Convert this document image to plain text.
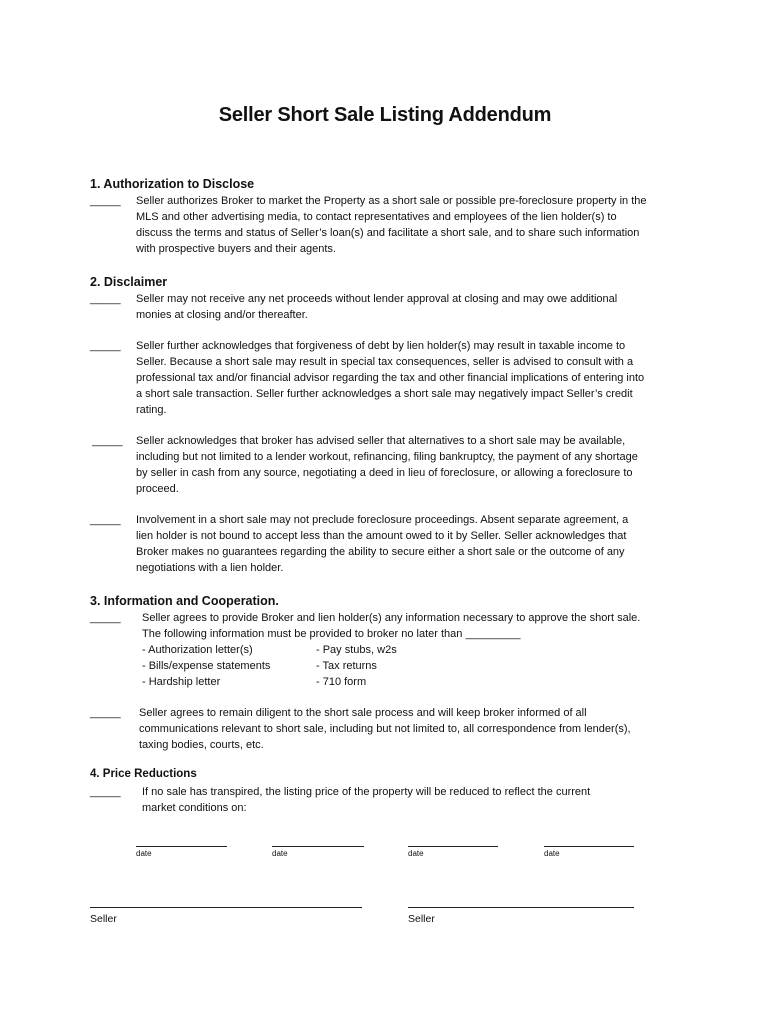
Seller Short Sale Listing Addendum
1. Authorization to Disclose
_____ Seller authorizes Broker to market the Property as a short sale or possible pre-foreclosure property in the
MLS and other advertising media, to contact representatives and employees of the lien holder(s) to
discuss the terms and status of Seller’s loan(s) and facilitate a short sale, and to share such information
with prospective buyers and their agents.
2. Disclaimer
_____ Seller may not receive any net proceeds without lender approval at closing and may owe additional
monies at closing and/or thereafter.
_____ Seller further acknowledges that forgiveness of debt by lien holder(s) may result in taxable income to
Seller. Because a short sale may result in special tax consequences, seller is advised to consult with a
professional tax and/or financial advisor regarding the tax and other financial implications of entering into
a short sale transaction. Seller further acknowledges a short sale may negatively impact Seller’s credit
rating.
_____ Seller acknowledges that broker has advised seller that alternatives to a short sale may be available,
including but not limited to a lender workout, refinancing, filing bankruptcy, the payment of any shortage
by seller in cash from any source, negotiating a deed in lieu of foreclosure, or allowing a foreclosure to
proceed.
_____ Involvement in a short sale may not preclude foreclosure proceedings. Absent separate agreement, a
lien holder is not bound to accept less than the amount owed to it by Seller. Seller acknowledges that
Broker makes no guarantees regarding the ability to secure either a short sale or the outcome of any
negotiations with a lien holder.
3. Information and Cooperation.
_____ Seller agrees to provide Broker and lien holder(s) any information necessary to approve the short sale.
The following information must be provided to broker no later than _________
- Authorization letter(s)	- Pay stubs, w2s
- Bills/expense statements	- Tax returns
- Hardship letter	- 710 form
_____ Seller agrees to remain diligent to the short sale process and will keep broker informed of all
communications relevant to short sale, including but not limited to, all correspondence from lender(s),
taxing bodies, courts, etc.
4. Price Reductions
_____ If no sale has transpired, the listing price of the property will be reduced to reflect the current
market conditions on:
date	date	date	date
Seller	Seller
